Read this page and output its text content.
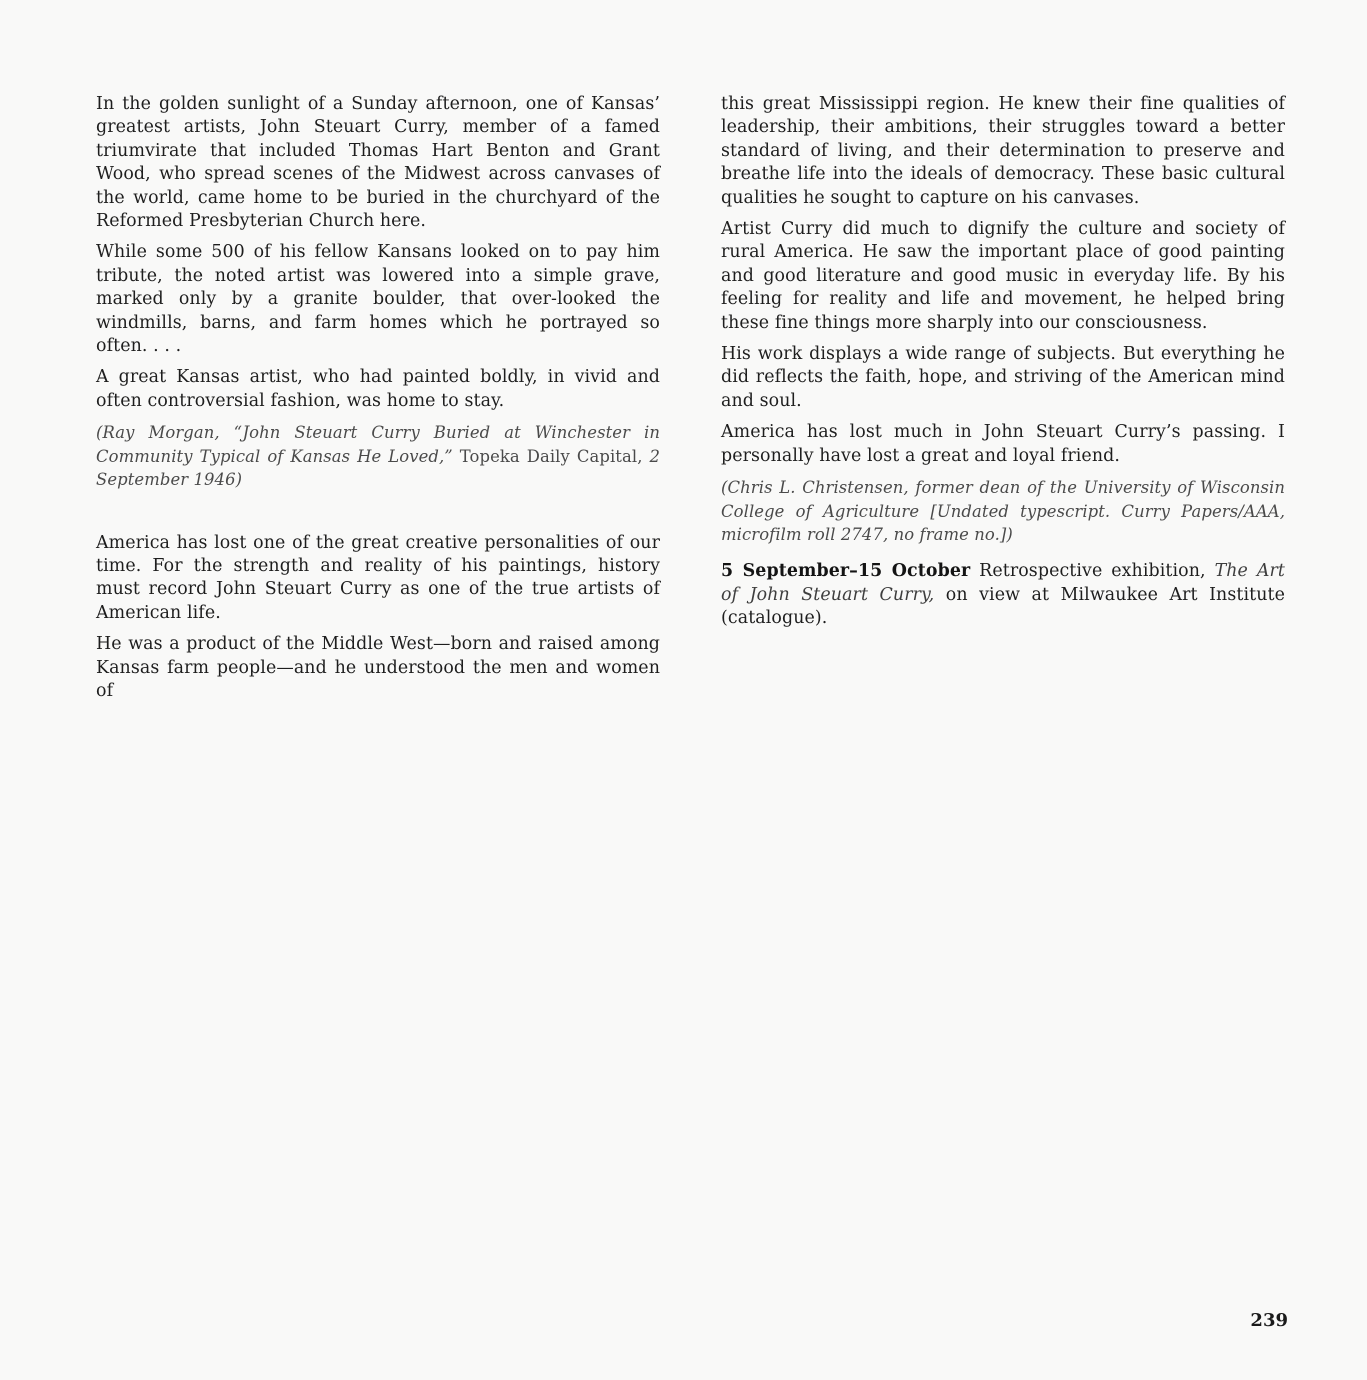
In the golden sunlight of a Sunday afternoon, one of Kansas’ greatest artists, John Steuart Curry, member of a famed triumvirate that included Thomas Hart Benton and Grant Wood, who spread scenes of the Midwest across canvases of the world, came home to be buried in the churchyard of the Reformed Presbyterian Church here.

While some 500 of his fellow Kansans looked on to pay him tribute, the noted artist was lowered into a simple grave, marked only by a granite boulder, that over-looked the windmills, barns, and farm homes which he portrayed so often. . . .

A great Kansas artist, who had painted boldly, in vivid and often controversial fashion, was home to stay.

(Ray Morgan, “John Steuart Curry Buried at Winchester in Community Typical of Kansas He Loved,” Topeka Daily Capital, 2 September 1946)

America has lost one of the great creative personalities of our time. For the strength and reality of his paintings, history must record John Steuart Curry as one of the true artists of American life.

He was a product of the Middle West—born and raised among Kansas farm people—and he understood the men and women of

this great Mississippi region. He knew their fine qualities of leadership, their ambitions, their struggles toward a better standard of living, and their determination to preserve and breathe life into the ideals of democracy. These basic cultural qualities he sought to capture on his canvases.

Artist Curry did much to dignify the culture and society of rural America. He saw the important place of good painting and good literature and good music in everyday life. By his feeling for reality and life and movement, he helped bring these fine things more sharply into our consciousness.

His work displays a wide range of subjects. But everything he did reflects the faith, hope, and striving of the American mind and soul.

America has lost much in John Steuart Curry’s passing. I personally have lost a great and loyal friend.

(Chris L. Christensen, former dean of the University of Wisconsin College of Agriculture [Undated typescript. Curry Papers/AAA, microfilm roll 2747, no frame no.])

5 September–15 October Retrospective exhibition, The Art of John Steuart Curry, on view at Milwaukee Art Institute (catalogue).

239
